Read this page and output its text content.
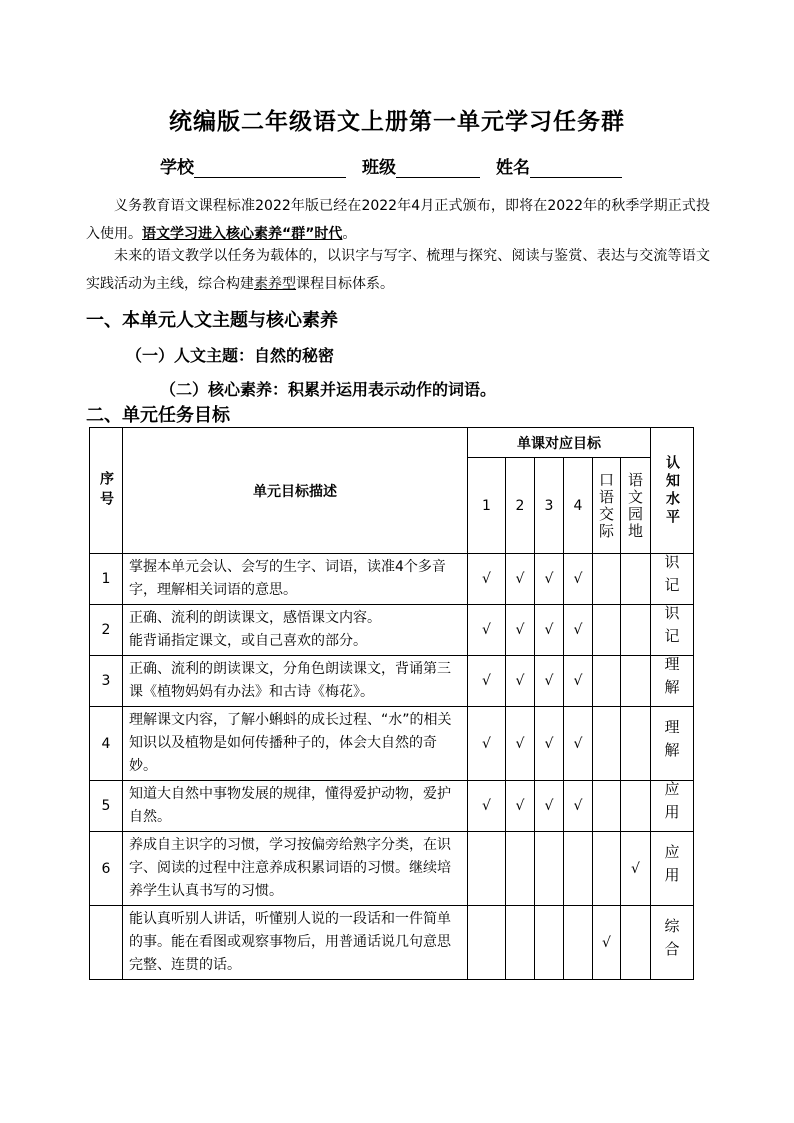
统编版二年级语文上册第一单元学习任务群
学校	班级	姓名
义务教育语文课程标准2022年版已经在2022年4月正式颁布，即将在2022年的秋季学期正式投入使用。语文学习进入核心素养“群”时代。
未来的语文教学以任务为载体的，以识字与写字、梳理与探究、阅读与鉴赏、表达与交流等语文实践活动为主线，综合构建素养型课程目标体系。
一、本单元人文主题与核心素养
（一）人文主题：自然的秘密
（二）核心素养：积累并运用表示动作的词语。
二、单元任务目标
序号	单元目标描述	单课对应目标						认知水平

		1	2	3	4	口语交际	语文园地	

1	掌握本单元会认、会写的生字、词语，读准4个多音字，理解相关词语的意思。	√	√	√	√			识记
2	正确、流利的朗读课文，感悟课文内容。
能背诵指定课文，或自己喜欢的部分。	√	√	√	√			识记
3	正确、流利的朗读课文，分角色朗读课文，背诵第三课《植物妈妈有办法》和古诗《梅花》。	√	√	√	√			理解
4	理解课文内容，了解小蝌蚪的成长过程、“水”的相关知识以及植物是如何传播种子的，体会大自然的奇妙。	√	√	√	√			理解
5	知道大自然中事物发展的规律，懂得爱护动物，爱护自然。	√	√	√	√			应用
6	养成自主识字的习惯，学习按偏旁给熟字分类，在识字、阅读的过程中注意养成积累词语的习惯。继续培养学生认真书写的习惯。						√	应用
	能认真听别人讲话，听懂别人说的一段话和一件简单的事。能在看图或观察事物后，用普通话说几句意思完整、连贯的话。					√		综合
